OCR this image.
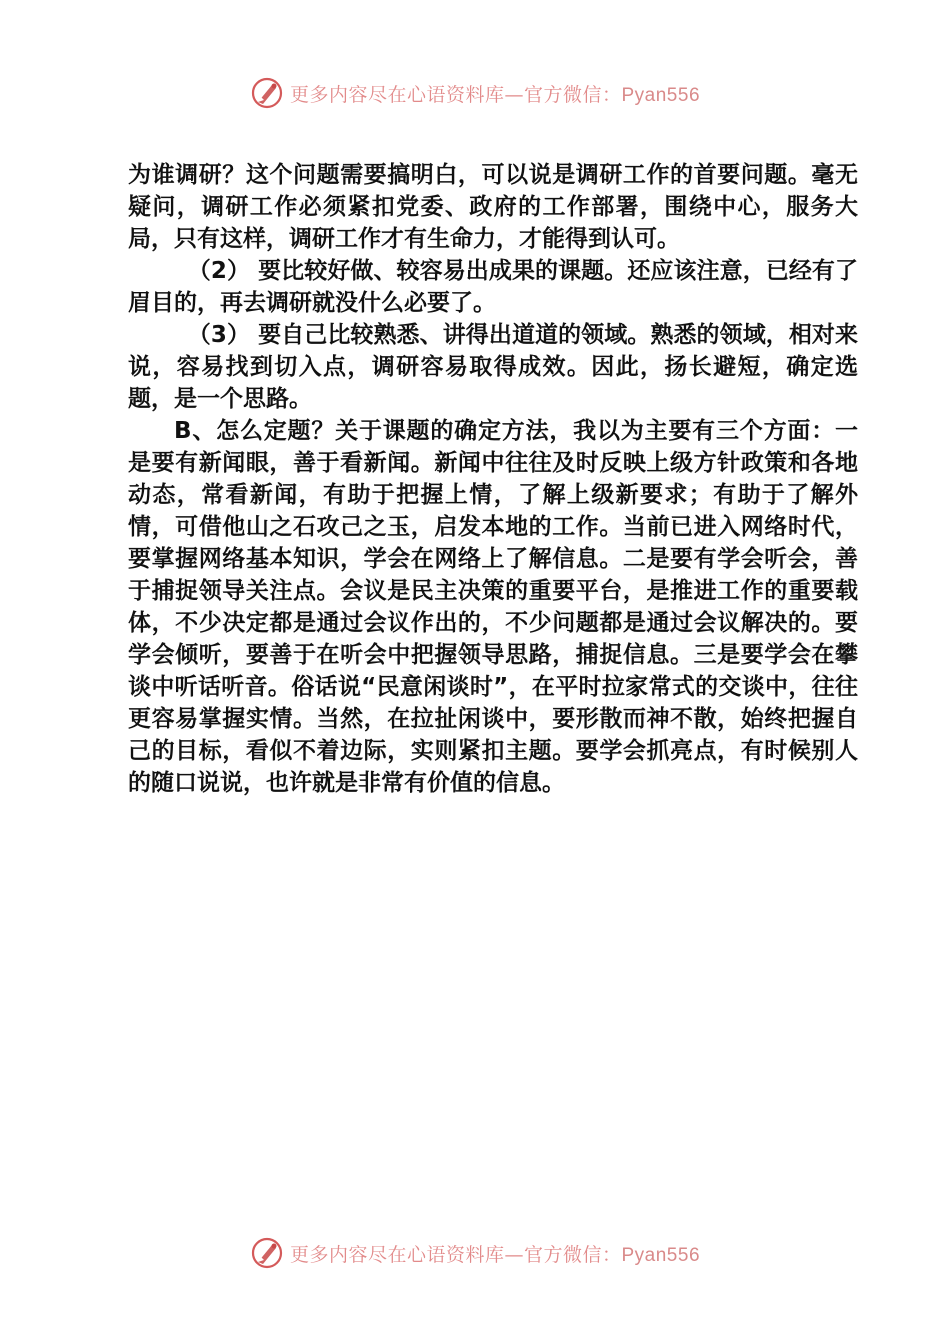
更多内容尽在心语资料库—官方微信：Pyan556

为谁调研？这个问题需要搞明白，可以说是调研工作的首要问题。毫无疑问，调研工作必须紧扣党委、政府的工作部署，围绕中心，服务大局，只有这样，调研工作才有生命力，才能得到认可。

（2） 要比较好做、较容易出成果的课题。还应该注意，已经有了眉目的，再去调研就没什么必要了。

（3） 要自己比较熟悉、讲得出道道的领域。熟悉的领域，相对来说，容易找到切入点，调研容易取得成效。因此，扬长避短，确定选题，是一个思路。

B、怎么定题？关于课题的确定方法，我以为主要有三个方面：一是要有新闻眼，善于看新闻。新闻中往往及时反映上级方针政策和各地动态，常看新闻，有助于把握上情，了解上级新要求；有助于了解外情，可借他山之石攻己之玉，启发本地的工作。当前已进入网络时代，要掌握网络基本知识，学会在网络上了解信息。二是要有学会听会，善于捕捉领导关注点。会议是民主决策的重要平台，是推进工作的重要载体，不少决定都是通过会议作出的，不少问题都是通过会议解决的。要学会倾听，要善于在听会中把握领导思路，捕捉信息。三是要学会在攀谈中听话听音。俗话说“民意闲谈时”，在平时拉家常式的交谈中，往往更容易掌握实情。当然，在拉扯闲谈中，要形散而神不散，始终把握自己的目标，看似不着边际，实则紧扣主题。要学会抓亮点，有时候别人的随口说说，也许就是非常有价值的信息。

更多内容尽在心语资料库—官方微信：Pyan556
